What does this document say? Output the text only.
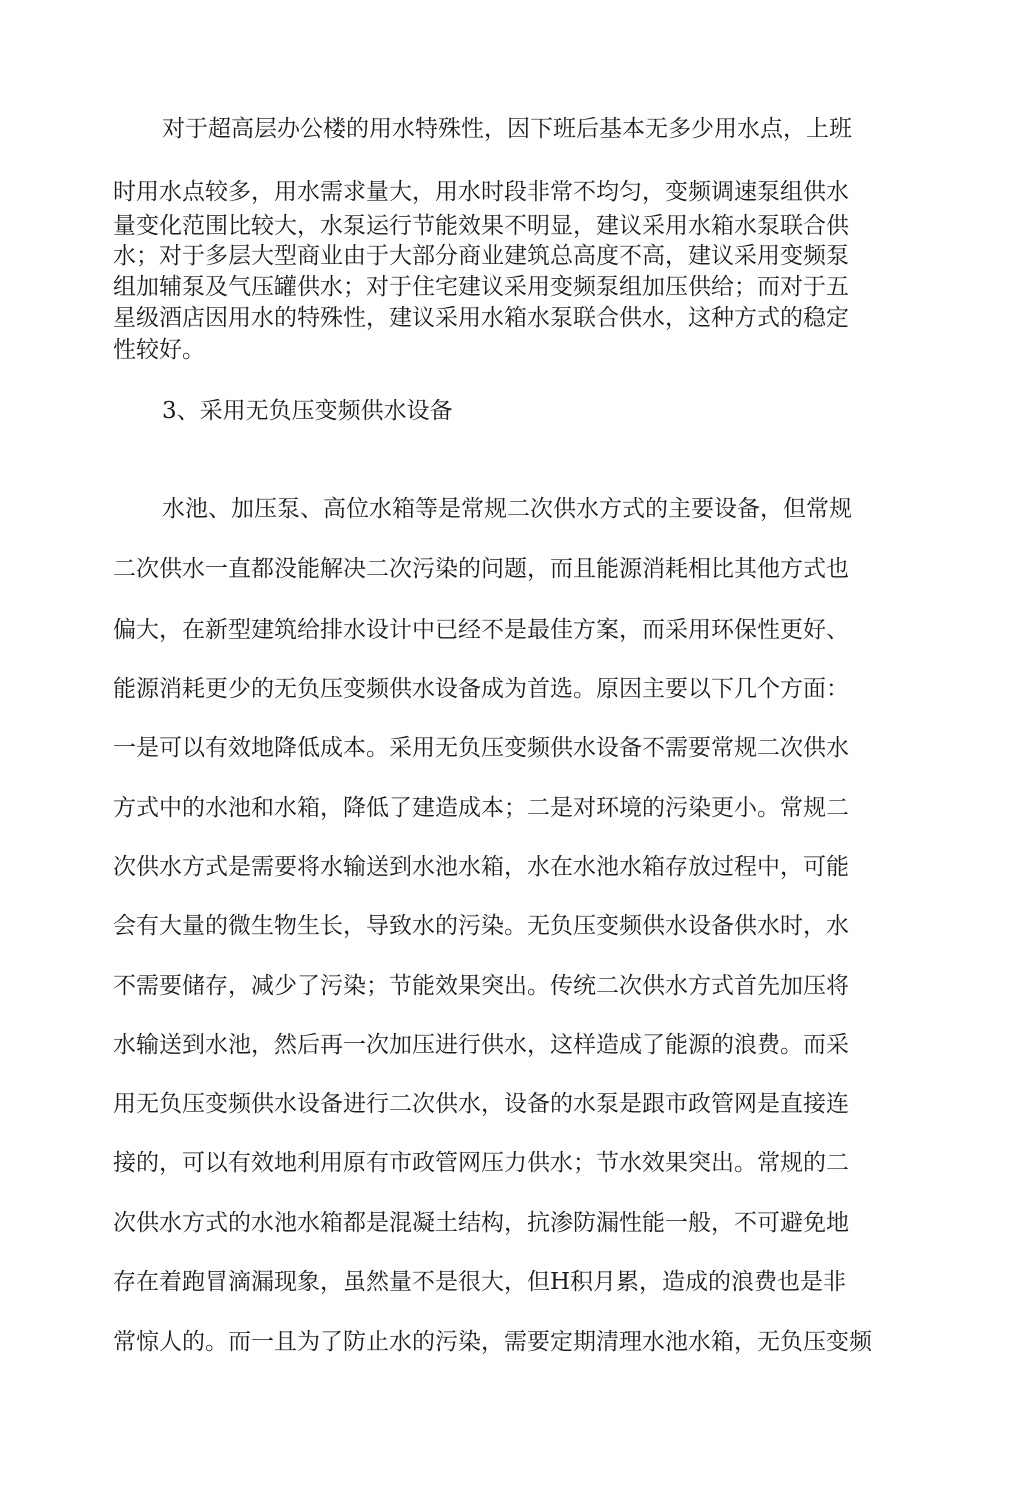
对于超高层办公楼的用水特殊性，因下班后基本无多少用水点，上班
时用水点较多，用水需求量大，用水时段非常不均匀，变频调速泵组供水
量变化范围比较大，水泵运行节能效果不明显，建议采用水箱水泵联合供
水；对于多层大型商业由于大部分商业建筑总高度不高，建议采用变频泵
组加辅泵及气压罐供水；对于住宅建议采用变频泵组加压供给；而对于五
星级酒店因用水的特殊性，建议采用水箱水泵联合供水，这种方式的稳定
性较好。
3、采用无负压变频供水设备
水池、加压泵、高位水箱等是常规二次供水方式的主要设备，但常规
二次供水一直都没能解决二次污染的问题，而且能源消耗相比其他方式也
偏大，在新型建筑给排水设计中已经不是最佳方案，而采用环保性更好、
能源消耗更少的无负压变频供水设备成为首选。原因主要以下几个方面：
一是可以有效地降低成本。采用无负压变频供水设备不需要常规二次供水
方式中的水池和水箱，降低了建造成本；二是对环境的污染更小。常规二
次供水方式是需要将水输送到水池水箱，水在水池水箱存放过程中，可能
会有大量的微生物生长，导致水的污染。无负压变频供水设备供水时，水
不需要储存，减少了污染；节能效果突出。传统二次供水方式首先加压将
水输送到水池，然后再一次加压进行供水，这样造成了能源的浪费。而采
用无负压变频供水设备进行二次供水，设备的水泵是跟市政管网是直接连
接的，可以有效地利用原有市政管网压力供水；节水效果突出。常规的二
次供水方式的水池水箱都是混凝土结构，抗渗防漏性能一般，不可避免地
存在着跑冒滴漏现象，虽然量不是很大，但H积月累，造成的浪费也是非
常惊人的。而一且为了防止水的污染，需要定期清理水池水箱，无负压变频
